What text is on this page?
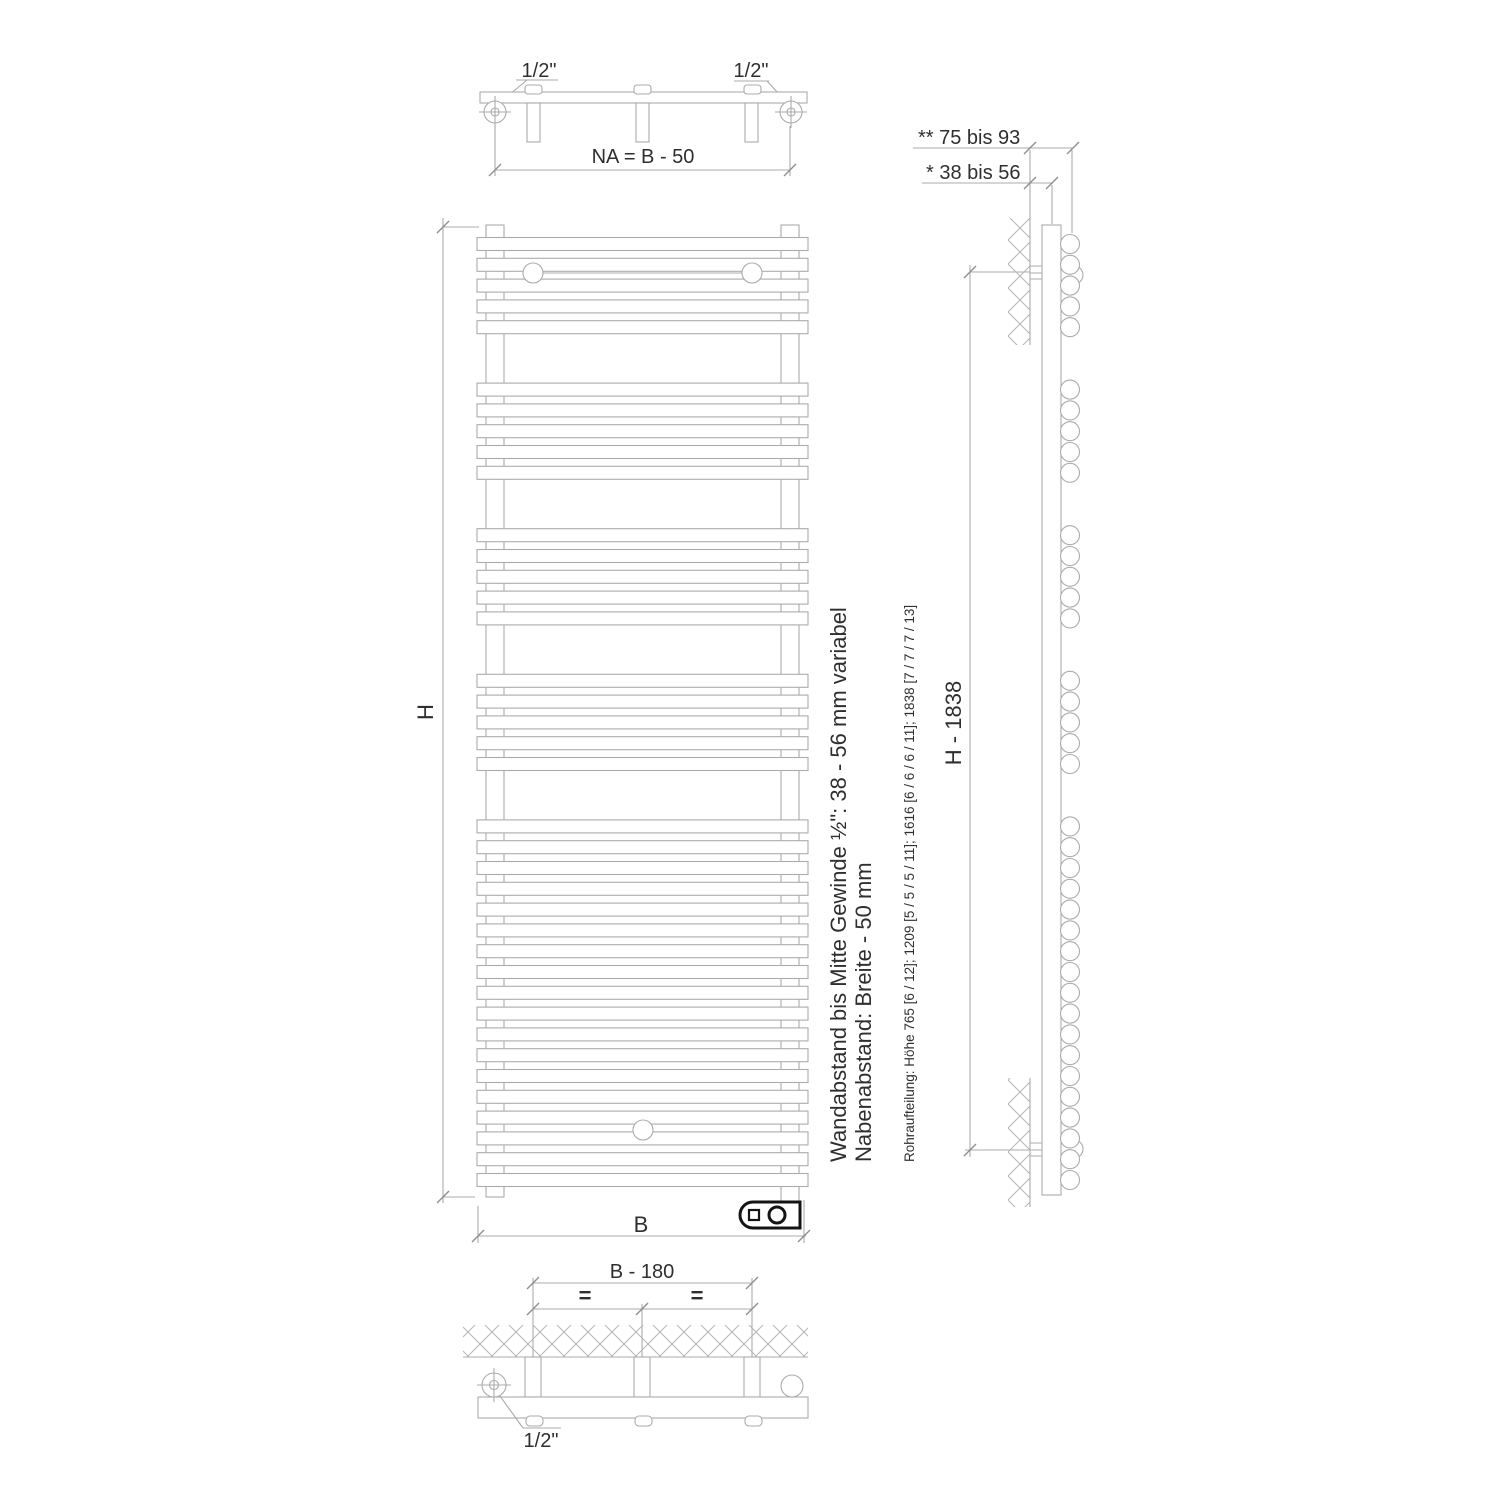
1/2"	1/2"
NA = B - 50
H
B
** 75 bis 93
* 38 bis 56
H - 1838
B - 180
=	=
1/2"
Wandabstand bis Mitte Gewinde ½": 38 - 56 mm variabel Nabenabstand: Breite - 50 mm Rohraufteilung: Höhe 765 [6 / 12]; 1209 [5 / 5 / 5 / 11]; 1616 [6 / 6 / 6 / 11]; 1838 [7 / 7 / 7 / 13]
